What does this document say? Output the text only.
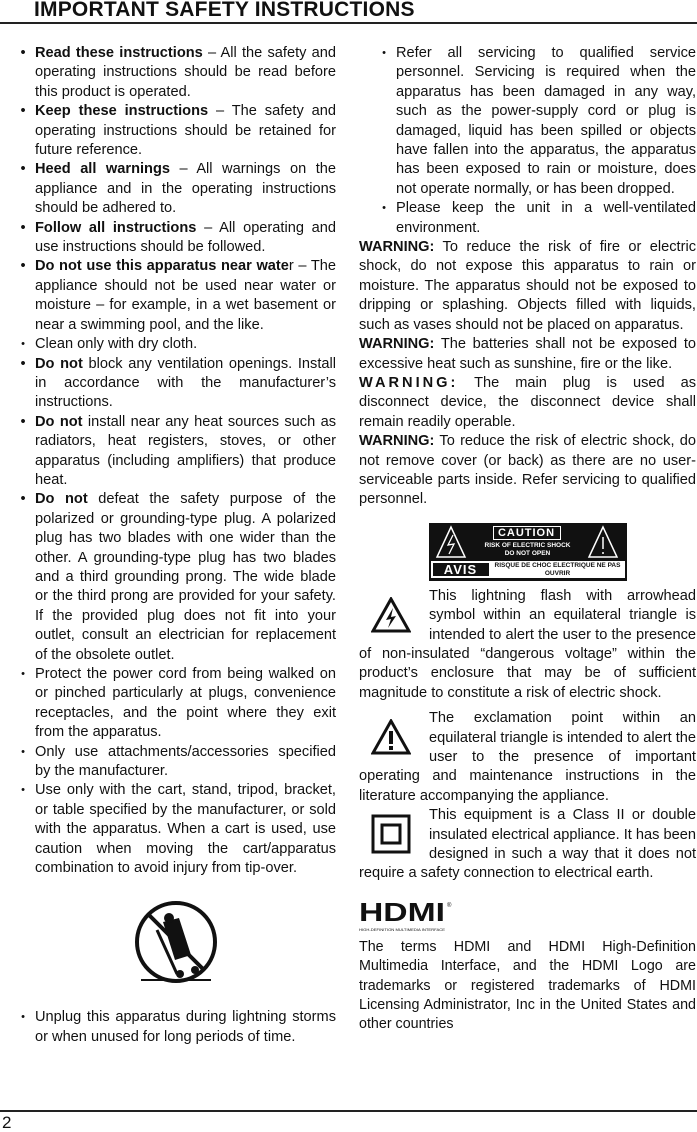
IMPORTANT SAFETY INSTRUCTIONS
• Read these instructions – All the safety and operating instructions should be read before this product is operated.
• Keep these instructions – The safety and operating instructions should be retained for future reference.
• Heed all warnings – All warnings on the appliance and in the operating instructions should be adhered to.
• Follow all instructions – All operating and use instructions should be followed.
• Do not use this apparatus near water – The appliance should not be used near water or moisture – for example, in a wet basement or near a swimming pool, and the like.
• Clean only with dry cloth.
• Do not block any ventilation openings. Install in accordance with the manufacturer’s instructions.
• Do not install near any heat sources such as radiators, heat registers, stoves, or other apparatus (including amplifiers) that produce heat.
• Do not defeat the safety purpose of the polarized or grounding-type plug. A polarized plug has two blades with one wider than the other. A grounding-type plug has two blades and a third grounding prong. The wide blade or the third prong are provided for your safety. If the provided plug does not fit into your outlet, consult an electrician for replacement of the obsolete outlet.
• Protect the power cord from being walked on or pinched particularly at plugs, convenience receptacles, and the point where they exit from the apparatus.
• Only use attachments/accessories specified by the manufacturer.
• Use only with the cart, stand, tripod, bracket, or table specified by the manufacturer, or sold with the apparatus. When a cart is used, use caution when moving the cart/apparatus combination to avoid injury from tip-over.
• Unplug this apparatus during lightning storms or when unused for long periods of time.
• Refer all servicing to qualified service personnel. Servicing is required when the apparatus has been damaged in any way, such as the power-supply cord or plug is damaged, liquid has been spilled or objects have fallen into the apparatus, the apparatus has been exposed to rain or moisture, does not operate normally, or has been dropped.
• Please keep the unit in a well-ventilated environment.

WARNING: To reduce the risk of fire or electric shock, do not expose this apparatus to rain or moisture. The apparatus should not be exposed to dripping or splashing. Objects filled with liquids, such as vases should not be placed on apparatus.

WARNING: The batteries shall not be exposed to excessive heat such as sunshine, fire or the like.

WARNING: The main plug is used as disconnect device, the disconnect device shall remain readily operable.

WARNING: To reduce the risk of electric shock, do not remove cover (or back) as there are no user-serviceable parts inside. Refer servicing to qualified personnel.

CAUTION
RISK OF ELECTRIC SHOCK
DO NOT OPEN
AVIS	RISQUE DE CHOC ELECTRIQUE NE PAS OUVRIR
This lightning flash with arrowhead symbol within an equilateral triangle is intended to alert the user to the presence of non-insulated “dangerous voltage” within the product’s enclosure that may be of sufficient magnitude to constitute a risk of electric shock.
The exclamation point within an equilateral triangle is intended to alert the user to the presence of important operating and maintenance instructions in the literature accompanying the appliance.
This equipment is a Class II or double insulated electrical appliance. It has been designed in such a way that it does not require a safety connection to electrical earth.
HDMI ®
HIGH-DEFINITION MULTIMEDIA INTERFACE
The terms HDMI and HDMI High-Definition Multimedia Interface, and the HDMI Logo are trademarks or registered trademarks of HDMI Licensing Administrator, Inc in the United States and other countries
2
